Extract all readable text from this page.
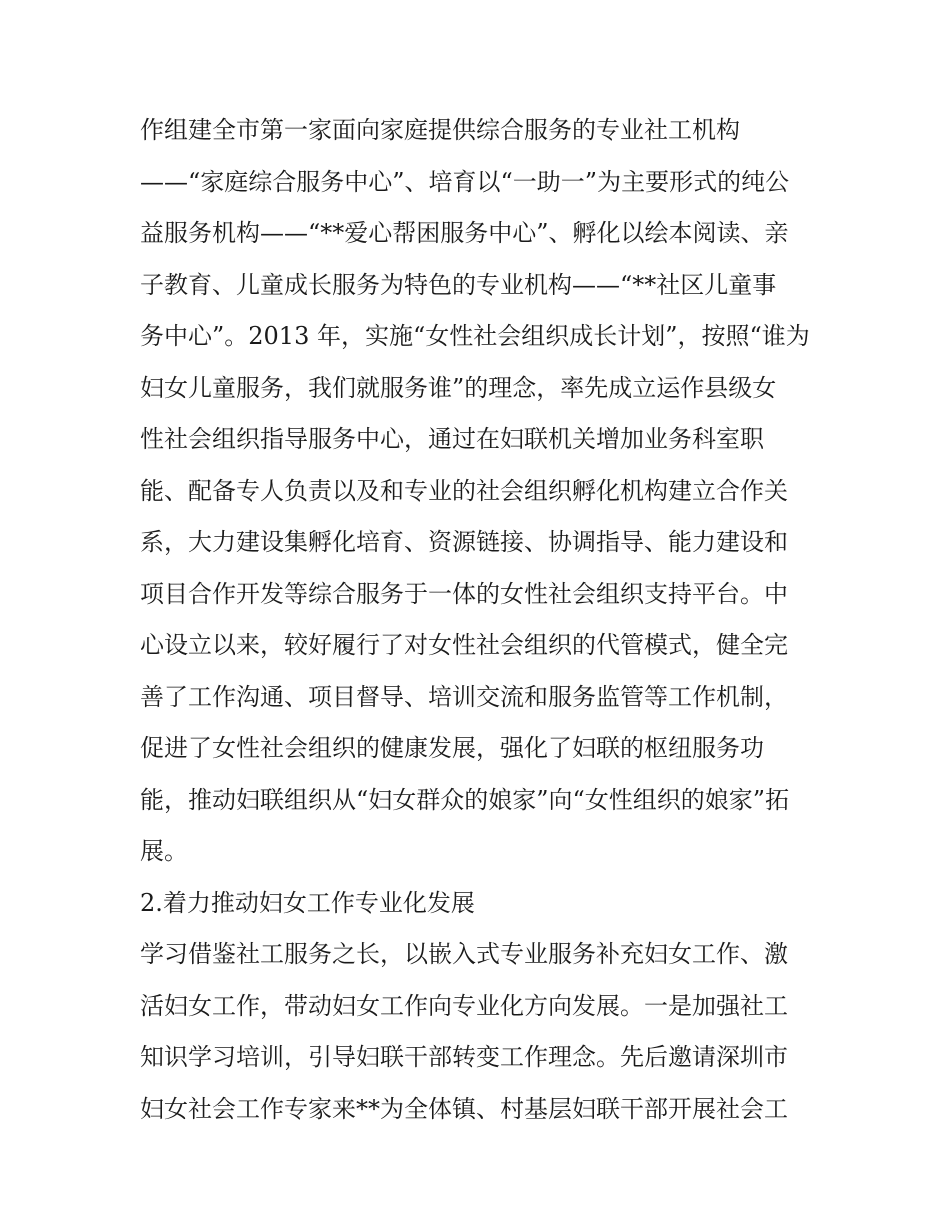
作组建全市第一家面向家庭提供综合服务的专业社工机构
——“家庭综合服务中心”、培育以“一助一”为主要形式的纯公
益服务机构——“**爱心帮困服务中心”、孵化以绘本阅读、亲
子教育、儿童成长服务为特色的专业机构——“**社区儿童事
务中心”。2013 年，实施“女性社会组织成长计划”，按照“谁为
妇女儿童服务，我们就服务谁”的理念，率先成立运作县级女
性社会组织指导服务中心，通过在妇联机关增加业务科室职
能、配备专人负责以及和专业的社会组织孵化机构建立合作关
系，大力建设集孵化培育、资源链接、协调指导、能力建设和
项目合作开发等综合服务于一体的女性社会组织支持平台。中
心设立以来，较好履行了对女性社会组织的代管模式，健全完
善了工作沟通、项目督导、培训交流和服务监管等工作机制，
促进了女性社会组织的健康发展，强化了妇联的枢纽服务功
能，推动妇联组织从“妇女群众的娘家”向“女性组织的娘家”拓
展。
2.着力推动妇女工作专业化发展
学习借鉴社工服务之长，以嵌入式专业服务补充妇女工作、激
活妇女工作，带动妇女工作向专业化方向发展。一是加强社工
知识学习培训，引导妇联干部转变工作理念。先后邀请深圳市
妇女社会工作专家来**为全体镇、村基层妇联干部开展社会工
